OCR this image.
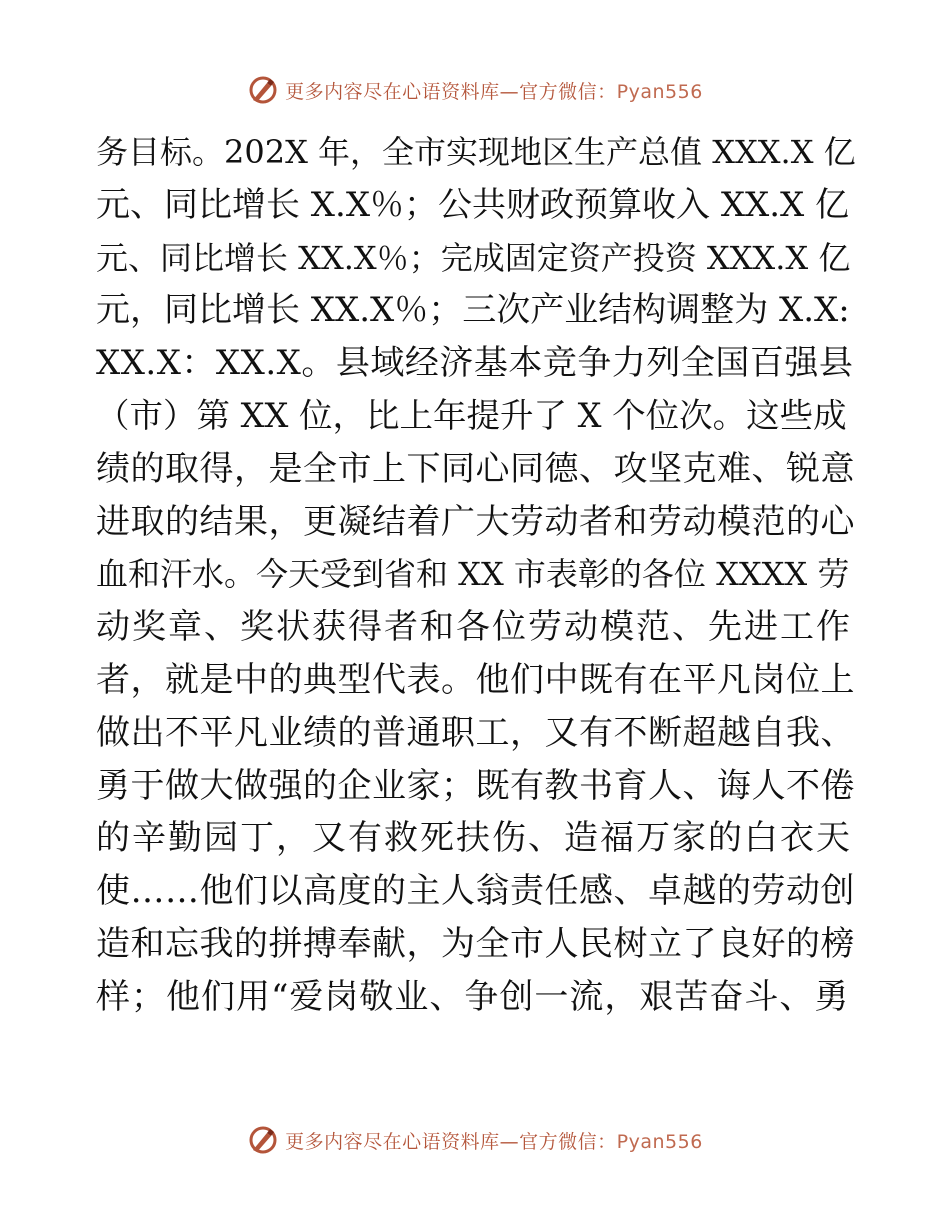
更多内容尽在心语资料库—官方微信：Pyan556
务目标。202X 年，全市实现地区生产总值 XXX.X 亿
元、同比增长 X.X％；公共财政预算收入 XX.X 亿
元、同比增长 XX.X％；完成固定资产投资 XXX.X 亿
元，同比增长 XX.X％；三次产业结构调整为 X.X:
XX.X：XX.X。县域经济基本竞争力列全国百强县
（市）第 XX 位，比上年提升了 X 个位次。这些成
绩的取得，是全市上下同心同德、攻坚克难、锐意
进取的结果，更凝结着广大劳动者和劳动模范的心
血和汗水。今天受到省和 XX 市表彰的各位 XXXX 劳
动奖章、奖状获得者和各位劳动模范、先进工作
者，就是中的典型代表。他们中既有在平凡岗位上
做出不平凡业绩的普通职工，又有不断超越自我、
勇于做大做强的企业家；既有教书育人、诲人不倦
的辛勤园丁，又有救死扶伤、造福万家的白衣天
使……他们以高度的主人翁责任感、卓越的劳动创
造和忘我的拼搏奉献，为全市人民树立了良好的榜
样；他们用“爱岗敬业、争创一流，艰苦奋斗、勇
更多内容尽在心语资料库—官方微信：Pyan556
